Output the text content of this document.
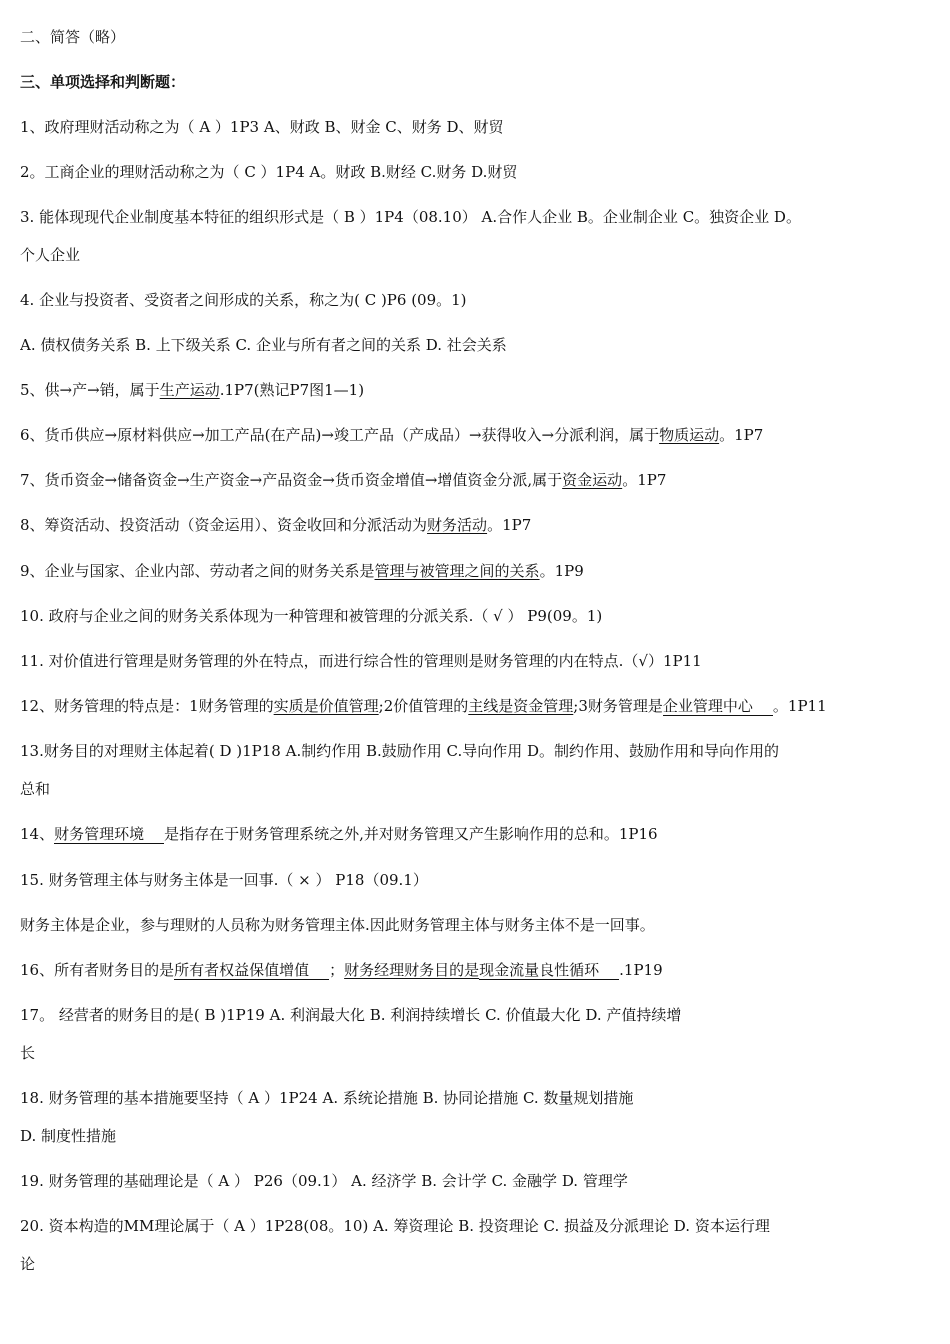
二、简答（略）
三、单项选择和判断题：
1、政府理财活动称之为（ A ）1P3 A、财政 B、财金 C、财务 D、财贸
2。工商企业的理财活动称之为（ C ）1P4 A。财政 B.财经 C.财务 D.财贸
3. 能体现现代企业制度基本特征的组织形式是（ B ）1P4（08.10） A.合作人企业 B。企业制企业 C。独资企业 D。
个人企业
4. 企业与投资者、受资者之间形成的关系，称之为( C )P6 (09。1)
A. 债权债务关系 B. 上下级关系 C. 企业与所有者之间的关系 D. 社会关系
5、供→产→销，属于生产运动.1P7(熟记P7图1—1)
6、货币供应→原材料供应→加工产品(在产品)→竣工产品（产成品）→获得收入→分派利润，属于物质运动。1P7
7、货币资金→储备资金→生产资金→产品资金→货币资金增值→增值资金分派,属于资金运动。1P7
8、筹资活动、投资活动（资金运用）、资金收回和分派活动为财务活动。1P7
9、企业与国家、企业内部、劳动者之间的财务关系是管理与被管理之间的关系。1P9
10. 政府与企业之间的财务关系体现为一种管理和被管理的分派关系.（ √ ） P9(09。1)
11. 对价值进行管理是财务管理的外在特点，而进行综合性的管理则是财务管理的内在特点.（√）1P11
12、财务管理的特点是：1财务管理的实质是价值管理;2价值管理的主线是资金管理;3财务管理是企业管理中心 。1P11
13.财务目的对理财主体起着( D )1P18 A.制约作用 B.鼓励作用 C.导向作用 D。制约作用、鼓励作用和导向作用的
总和
14、财务管理环境 是指存在于财务管理系统之外,并对财务管理又产生影响作用的总和。1P16
15. 财务管理主体与财务主体是一回事.（ × ） P18（09.1）
财务主体是企业，参与理财的人员称为财务管理主体.因此财务管理主体与财务主体不是一回事。
16、所有者财务目的是所有者权益保值增值 ；财务经理财务目的是现金流量良性循环 .1P19
17。 经营者的财务目的是( B )1P19 A. 利润最大化 B. 利润持续增长 C. 价值最大化 D. 产值持续增
长
18. 财务管理的基本措施要坚持（ A ）1P24 A. 系统论措施 B. 协同论措施 C. 数量规划措施
D. 制度性措施
19. 财务管理的基础理论是（ A ） P26（09.1） A. 经济学 B. 会计学 C. 金融学 D. 管理学
20. 资本构造的MM理论属于（ A ）1P28(08。10) A. 筹资理论 B. 投资理论 C. 损益及分派理论 D. 资本运行理
论
